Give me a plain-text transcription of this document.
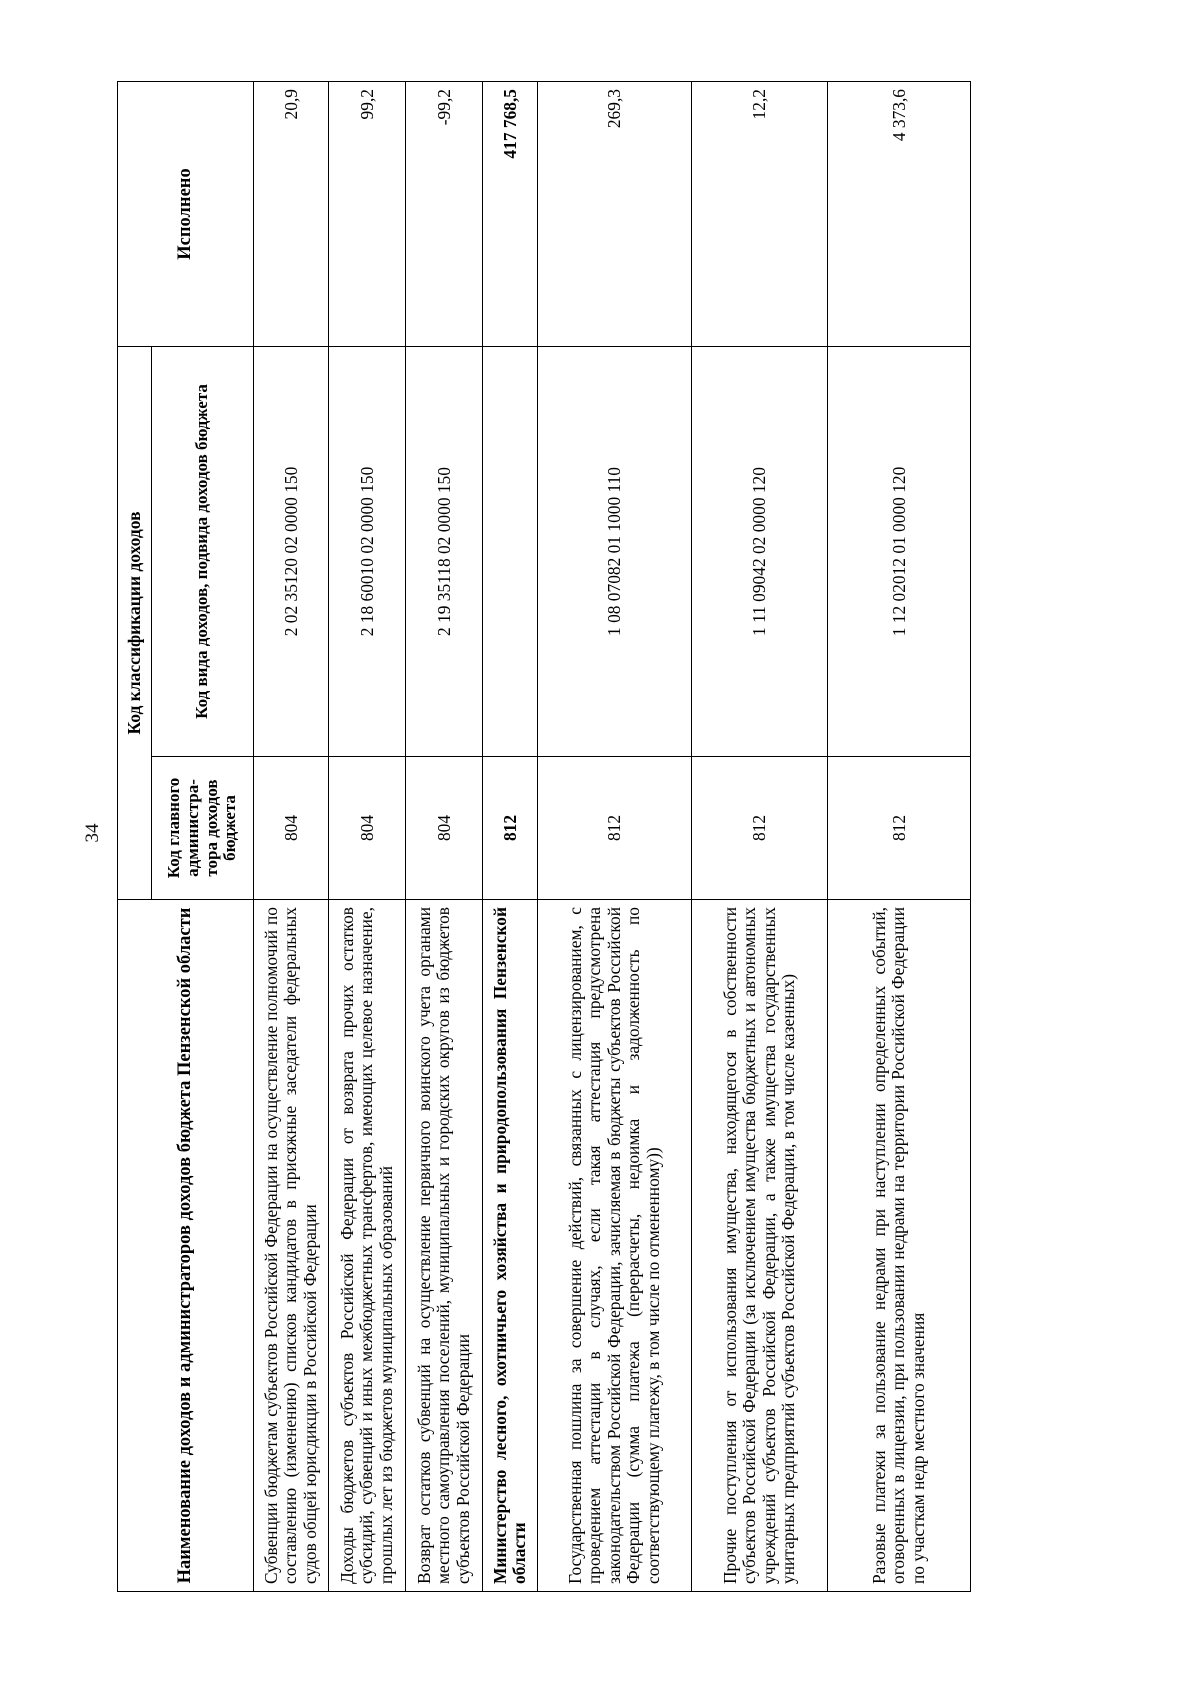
34
Наименование доходов и администраторов доходов бюджета Пензенской области	Код классификации доходов		Исполнено
	Код главного администра-тора доходов бюджета	Код вида доходов, подвида доходов бюджета	
Субвенции бюджетам субъектов Российской Федерации на осуществление полномочий по составлению (изменению) списков кандидатов в присяжные заседатели федеральных судов общей юрисдикции в Российской Федерации	804	2 02 35120 02 0000 150	20,9
Доходы бюджетов субъектов Российской Федерации от возврата прочих остатков субсидий, субвенций и иных межбюджетных трансфертов, имеющих целевое назначение, прошлых лет из бюджетов муниципальных образований	804	2 18 60010 02 0000 150	99,2
Возврат остатков субвенций на осуществление первичного воинского учета органами местного самоуправления поселений, муниципальных и городских округов из бюджетов субъектов Российской Федерации	804	2 19 35118 02 0000 150	-99,2
Министерство лесного, охотничьего хозяйства и природопользования Пензенской области	812		417 768,5
Государственная пошлина за совершение действий, связанных с лицензированием, с проведением аттестации в случаях, если такая аттестация предусмотрена законодательством Российской Федерации, зачисляемая в бюджеты субъектов Российской Федерации (сумма платежа (перерасчеты, недоимка и задолженность по соответствующему платежу, в том числе по отмененному))	812	1 08 07082 01 1000 110	269,3
Прочие поступления от использования имущества, находящегося в собственности субъектов Российской Федерации (за исключением имущества бюджетных и автономных учреждений субъектов Российской Федерации, а также имущества государственных унитарных предприятий субъектов Российской Федерации, в том числе казенных)	812	1 11 09042 02 0000 120	12,2
Разовые платежи за пользование недрами при наступлении определенных событий, оговоренных в лицензии, при пользовании недрами на территории Российской Федерации по участкам недр местного значения	812	1 12 02012 01 0000 120	4 373,6
